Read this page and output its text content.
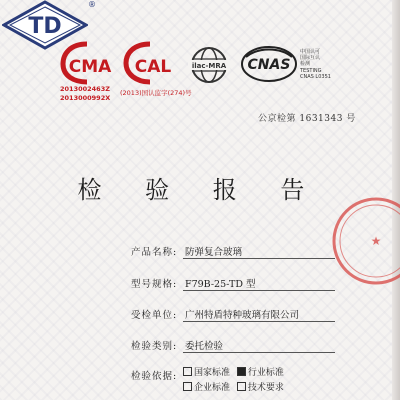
TD
®
CMA
2013002463Z
2013000992X
CAL
(2013)国认监字(274)号
ilac-MRA CNAS
中国认可
国际互认
检测
TESTING
CNAS L0351
公京检第 1631343 号
检 验 报 告
产品名称: 防弹复合玻璃
型号规格: F79B-25-TD 型
受检单位: 广州特盾特种玻璃有限公司
检验类别: 委托检验
检验依据:	国家标准 行业标准
企业标准 技术要求
★
